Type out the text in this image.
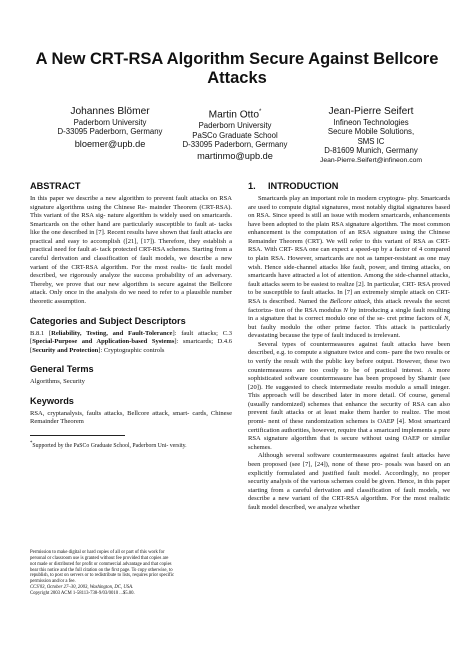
A New CRT-RSA Algorithm Secure Against Bellcore
Attacks
Johannes Blömer
Paderborn University
D-33095 Paderborn, Germany
bloemer@upb.de
Martin Otto*
Paderborn University
PaSCo Graduate School
D-33095 Paderborn, Germany
martinmo@upb.de
Jean-Pierre Seifert
Infineon Technologies
Secure Mobile Solutions,
SMS IC
D-81609 Munich, Germany
Jean-Pierre.Seifert@infineon.com
ABSTRACT

In this paper we describe a new algorithm to prevent fault attacks on RSA signature algorithms using the Chinese Re- mainder Theorem (CRT-RSA). This variant of the RSA sig- nature algorithm is widely used on smartcards. Smartcards on the other hand are particularly susceptible to fault at- tacks like the one described in [7]. Recent results have shown that fault attacks are practical and easy to accomplish ([21], [17]). Therefore, they establish a practical need for fault at- tack protected CRT-RSA schemes. Starting from a careful derivation and classification of fault models, we describe a new variant of the CRT-RSA algorithm. For the most realis- tic fault model described, we rigorously analyze the success probability of an adversary. Thereby, we prove that our new algorithm is secure against the Bellcore attack. Only once in the analysis do we need to refer to a plausible number theoretic assumption.

Categories and Subject Descriptors

B.8.1 [Reliability, Testing, and Fault-Tolerance]: fault attacks; C.3 [Special-Purpose and Application-based Systems]: smartcards; D.4.6 [Security and Protection]: Cryptographic controls

General Terms

Algorithms, Security

Keywords

RSA, cryptanalysis, faults attacks, Bellcore attack, smart- cards, Chinese Remainder Theorem

*Supported by the PaSCo Graduate School, Paderborn Uni- versity.

Permission to make digital or hard copies of all or part of this work for
personal or classroom use is granted without fee provided that copies are
not made or distributed for profit or commercial advantage and that copies
bear this notice and the full citation on the first page. To copy otherwise, to
republish, to post on servers or to redistribute to lists, requires prior specific
permission and/or a fee.
CCS'03, October 27–30, 2003, Washington, DC, USA.
Copyright 2003 ACM 1-58113-738-9/03/0010 ...$5.00.

1. INTRODUCTION

Smartcards play an important role in modern cryptogra- phy. Smartcards are used to compute digital signatures, most notably digital signatures based on RSA. Since speed is still an issue with modern smartcards, enhancements have been adopted to the plain RSA signature algorithm. The most common enhancement is the computation of an RSA signature using the Chinese Remainder Theorem (CRT). We will refer to this variant of RSA as CRT-RSA. With CRT- RSA one can expect a speed-up by a factor of 4 compared to plain RSA. However, smartcards are not as tamper-resistant as one may wish. Hence side-channel attacks like fault, power, and timing attacks, on smartcards have attracted a lot of attention. Among the side-channel attacks, fault attacks seem to be easiest to realize [2]. In particular, CRT- RSA proved to be susceptible to fault attacks. In [7] an extremely simple attack on CRT-RSA is described. Named the Bellcore attack, this attack reveals the secret factoriza- tion of the RSA modulus N by introducing a single fault resulting in a signature that is correct modulo one of the se- cret prime factors of N, but faulty modulo the other prime factor. This attack is particularly devastating because the type of fault induced is irrelevant.

Several types of countermeasures against fault attacks have been described, e.g. to compute a signature twice and com- pare the two results or to verify the result with the public key before output. However, these two countermeasures are too costly to be of practical interest. A more sophisticated software countermeasure has been proposed by Shamir (see [20]). He suggested to check intermediate results modulo a small integer. This approach will be described later in more detail. Of course, general (usually randomized) schemes that enhance the security of RSA can also prevent fault attacks or at least make them harder to realize. The most promi- nent of these randomization schemes is OAEP [4]. Most smartcard certification authorities, however, require that a smartcard implements a pure RSA signature algorithm that is secure without using OAEP or similar schemes.

Although several software countermeasures against fault attacks have been proposed (see [7], [24]), none of these pro- posals was based on an explicitly formulated and justified fault model. Accordingly, no proper security analysis of the various schemes could be given. Hence, in this paper starting from a careful derivation and classification of fault models, we describe a new variant of the CRT-RSA algorithm. For the most realistic fault model described, we analyze whether
